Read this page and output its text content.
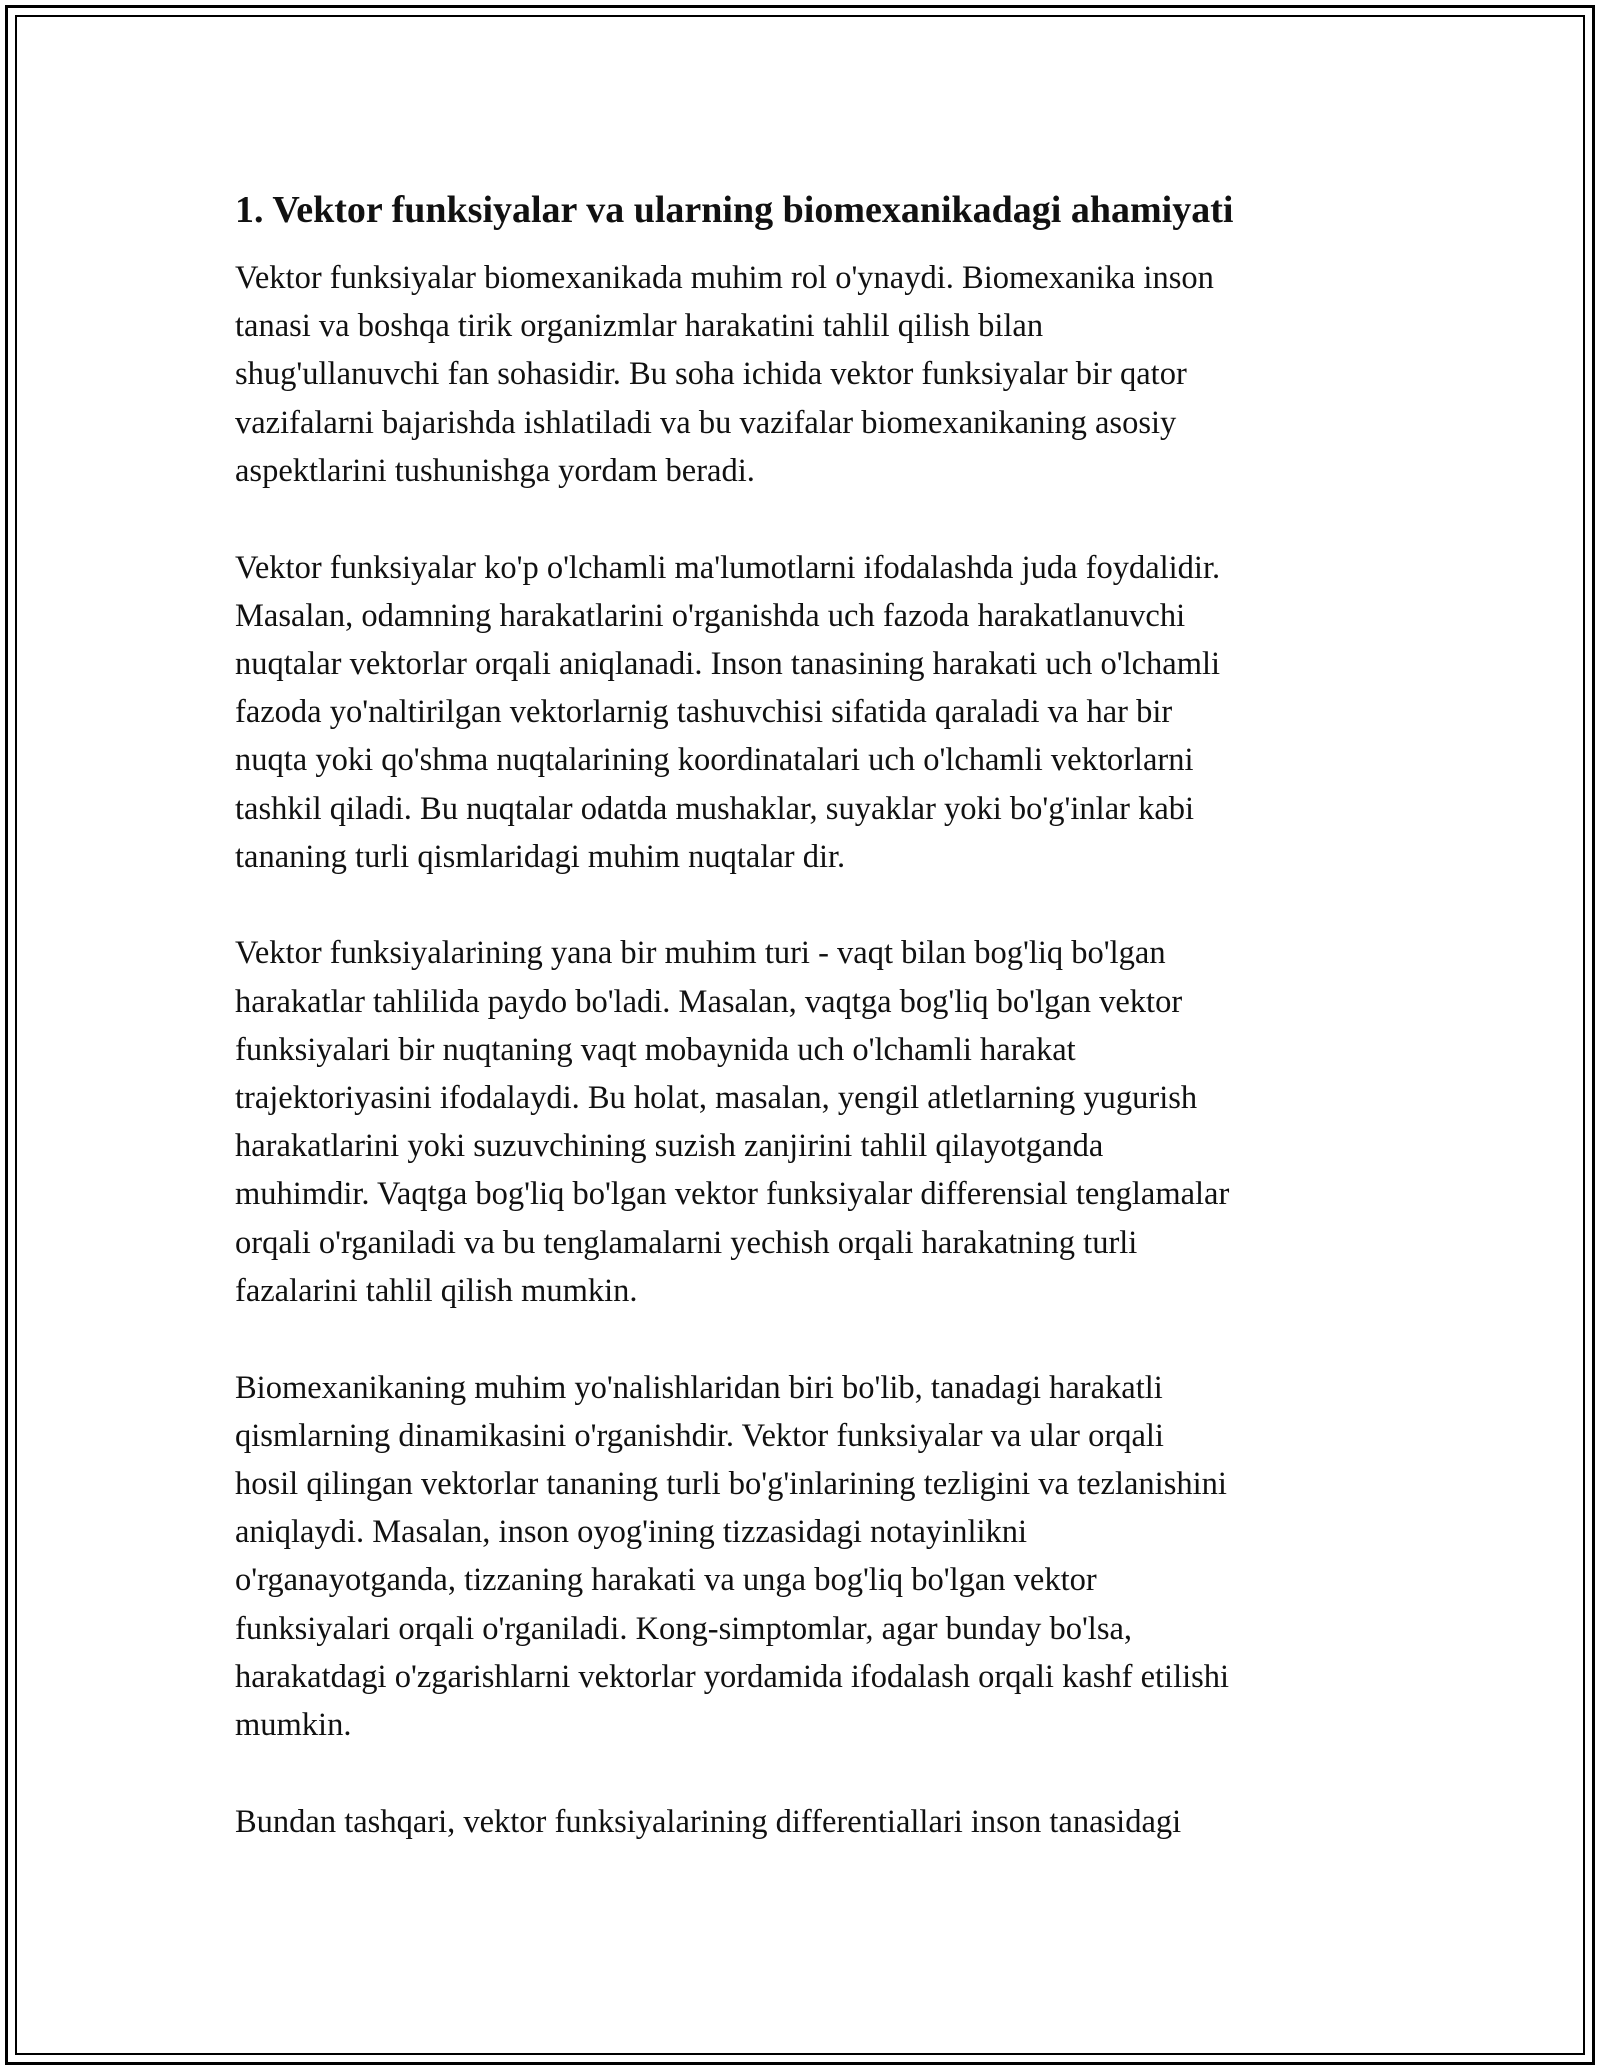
1. Vektor funksiyalar va ularning biomexanikadagi ahamiyati

Vektor funksiyalar biomexanikada muhim rol o'ynaydi. Biomexanika inson
tanasi va boshqa tirik organizmlar harakatini tahlil qilish bilan
shug'ullanuvchi fan sohasidir. Bu soha ichida vektor funksiyalar bir qator
vazifalarni bajarishda ishlatiladi va bu vazifalar biomexanikaning asosiy
aspektlarini tushunishga yordam beradi.

Vektor funksiyalar ko'p o'lchamli ma'lumotlarni ifodalashda juda foydalidir.
Masalan, odamning harakatlarini o'rganishda uch fazoda harakatlanuvchi
nuqtalar vektorlar orqali aniqlanadi. Inson tanasining harakati uch o'lchamli
fazoda yo'naltirilgan vektorlarnig tashuvchisi sifatida qaraladi va har bir
nuqta yoki qo'shma nuqtalarining koordinatalari uch o'lchamli vektorlarni
tashkil qiladi. Bu nuqtalar odatda mushaklar, suyaklar yoki bo'g'inlar kabi
tananing turli qismlaridagi muhim nuqtalar dir.

Vektor funksiyalarining yana bir muhim turi - vaqt bilan bog'liq bo'lgan
harakatlar tahlilida paydo bo'ladi. Masalan, vaqtga bog'liq bo'lgan vektor
funksiyalari bir nuqtaning vaqt mobaynida uch o'lchamli harakat
trajektoriyasini ifodalaydi. Bu holat, masalan, yengil atletlarning yugurish
harakatlarini yoki suzuvchining suzish zanjirini tahlil qilayotganda
muhimdir. Vaqtga bog'liq bo'lgan vektor funksiyalar differensial tenglamalar
orqali o'rganiladi va bu tenglamalarni yechish orqali harakatning turli
fazalarini tahlil qilish mumkin.

Biomexanikaning muhim yo'nalishlaridan biri bo'lib, tanadagi harakatli
qismlarning dinamikasini o'rganishdir. Vektor funksiyalar va ular orqali
hosil qilingan vektorlar tananing turli bo'g'inlarining tezligini va tezlanishini
aniqlaydi. Masalan, inson oyog'ining tizzasidagi notayinlikni
o'rganayotganda, tizzaning harakati va unga bog'liq bo'lgan vektor
funksiyalari orqali o'rganiladi. Kong-simptomlar, agar bunday bo'lsa,
harakatdagi o'zgarishlarni vektorlar yordamida ifodalash orqali kashf etilishi
mumkin.

Bundan tashqari, vektor funksiyalarining differentiallari inson tanasidagi
